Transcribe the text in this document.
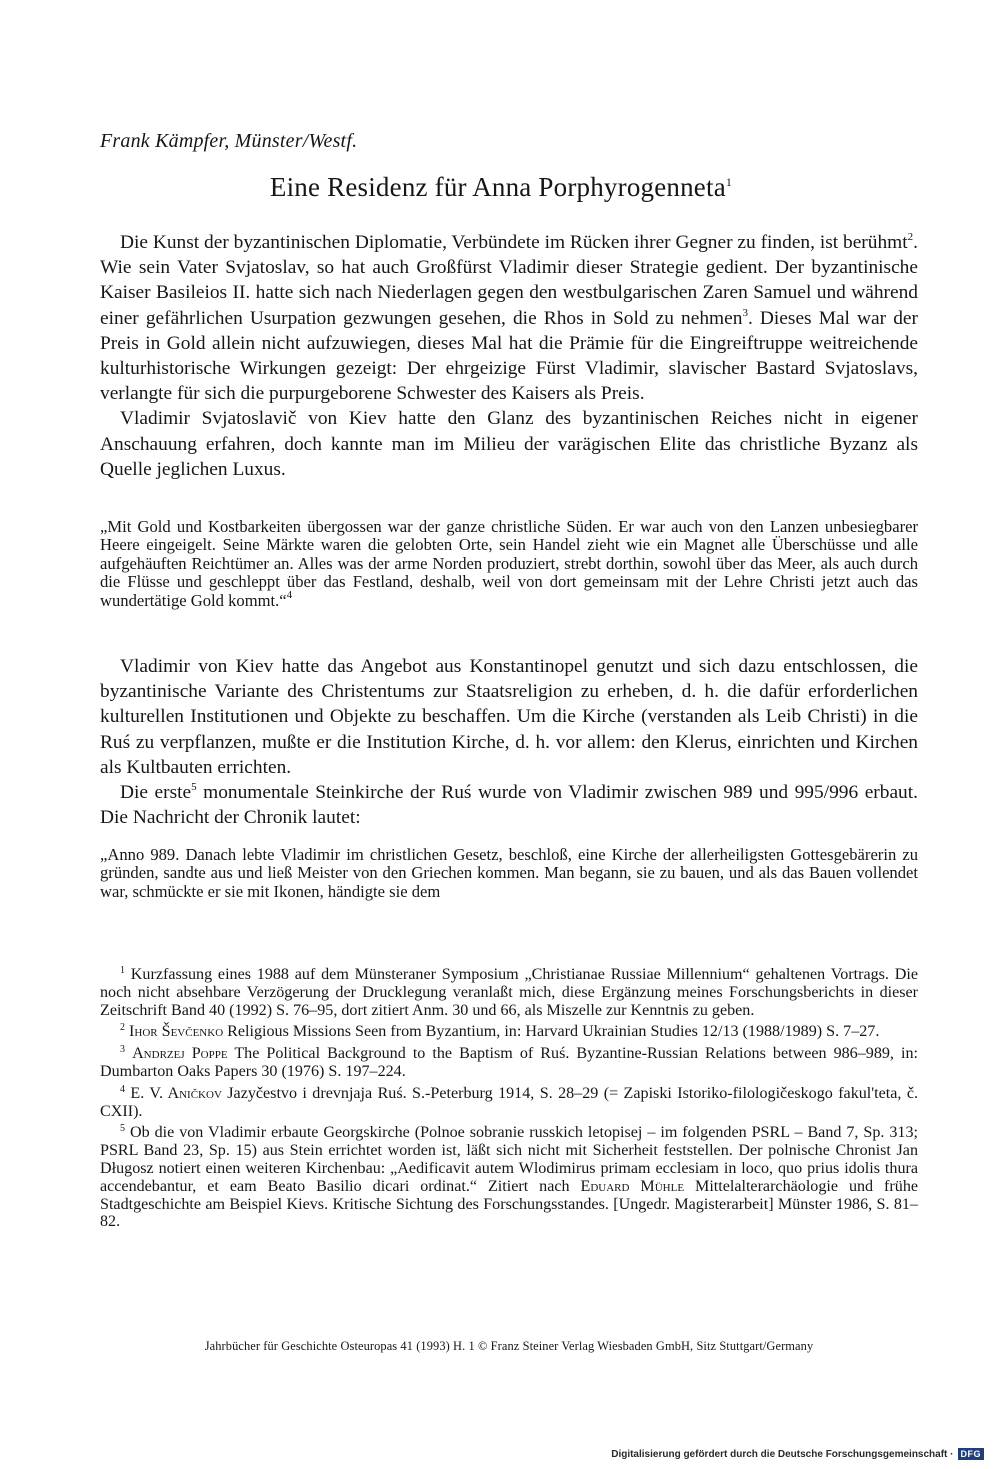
Frank Kämpfer, Münster/Westf.
Eine Residenz für Anna Porphyrogenneta$^1$

Die Kunst der byzantinischen Diplomatie, Verbündete im Rücken ihrer Gegner zu finden, ist berühmt$^2$. Wie sein Vater Svjatoslav, so hat auch Großfürst Vladimir dieser Strategie gedient. Der byzantinische Kaiser Basileios II. hatte sich nach Niederlagen gegen den westbulgarischen Zaren Samuel und während einer gefährlichen Usurpation gezwungen gesehen, die Rhos in Sold zu nehmen$^3$. Dieses Mal war der Preis in Gold allein nicht aufzuwiegen, dieses Mal hat die Prämie für die Eingreiftruppe weitreichende kulturhistorische Wirkungen gezeigt: Der ehrgeizige Fürst Vladimir, slavischer Bastard Svjatoslavs, verlangte für sich die purpurgeborene Schwester des Kaisers als Preis.

Vladimir Svjatoslavič von Kiev hatte den Glanz des byzantinischen Reiches nicht in eigener Anschauung erfahren, doch kannte man im Milieu der varägischen Elite das christliche Byzanz als Quelle jeglichen Luxus.

„Mit Gold und Kostbarkeiten übergossen war der ganze christliche Süden. Er war auch von den Lanzen unbesiegbarer Heere eingeigelt. Seine Märkte waren die gelobten Orte, sein Handel zieht wie ein Magnet alle Überschüsse und alle aufgehäuften Reichtümer an. Alles was der arme Norden produziert, strebt dorthin, sowohl über das Meer, als auch durch die Flüsse und geschleppt über das Festland, deshalb, weil von dort gemeinsam mit der Lehre Christi jetzt auch das wundertätige Gold kommt.“$^4$

Vladimir von Kiev hatte das Angebot aus Konstantinopel genutzt und sich dazu entschlossen, die byzantinische Variante des Christentums zur Staatsreligion zu erheben, d. h. die dafür erforderlichen kulturellen Institutionen und Objekte zu beschaffen. Um die Kirche (verstanden als Leib Christi) in die Ruś zu verpflanzen, mußte er die Institution Kirche, d. h. vor allem: den Klerus, einrichten und Kirchen als Kultbauten errichten.

Die erste$^5$ monumentale Steinkirche der Ruś wurde von Vladimir zwischen 989 und 995/996 erbaut. Die Nachricht der Chronik lautet:

„Anno 989. Danach lebte Vladimir im christlichen Gesetz, beschloß, eine Kirche der allerheiligsten Gottesgebärerin zu gründen, sandte aus und ließ Meister von den Griechen kommen. Man begann, sie zu bauen, und als das Bauen vollendet war, schmückte er sie mit Ikonen, händigte sie dem

$^1$ Kurzfassung eines 1988 auf dem Münsteraner Symposium „Christianae Russiae Millennium“ gehaltenen Vortrags. Die noch nicht absehbare Verzögerung der Drucklegung veranlaßt mich, diese Ergänzung meines Forschungsberichts in dieser Zeitschrift Band 40 (1992) S. 76–95, dort zitiert Anm. 30 und 66, als Miszelle zur Kenntnis zu geben.

$^2$ Ihor Ševčenko Religious Missions Seen from Byzantium, in: Harvard Ukrainian Studies 12/13 (1988/1989) S. 7–27.

$^3$ Andrzej Poppe The Political Background to the Baptism of Ruś. Byzantine-Russian Relations between 986–989, in: Dumbarton Oaks Papers 30 (1976) S. 197–224.

$^4$ E. V. Aničkov Jazyčestvo i drevnjaja Ruś. S.-Peterburg 1914, S. 28–29 (= Zapiski Istoriko-filologičeskogo fakul'teta, č. CXII).

$^5$ Ob die von Vladimir erbaute Georgskirche (Polnoe sobranie russkich letopisej – im folgenden PSRL – Band 7, Sp. 313; PSRL Band 23, Sp. 15) aus Stein errichtet worden ist, läßt sich nicht mit Sicherheit feststellen. Der polnische Chronist Jan Długosz notiert einen weiteren Kirchenbau: „Aedificavit autem Wlodimirus primam ecclesiam in loco, quo prius idolis thura accendebantur, et eam Beato Basilio dicari ordinat.“ Zitiert nach Eduard Mühle Mittelalterarchäologie und frühe Stadtgeschichte am Beispiel Kievs. Kritische Sichtung des Forschungsstandes. [Ungedr. Magisterarbeit] Münster 1986, S. 81–82.

Jahrbücher für Geschichte Osteuropas 41 (1993) H. 1 © Franz Steiner Verlag Wiesbaden GmbH, Sitz Stuttgart/Germany
Digitalisierung gefördert durch die Deutsche Forschungsgemeinschaft · DFG
